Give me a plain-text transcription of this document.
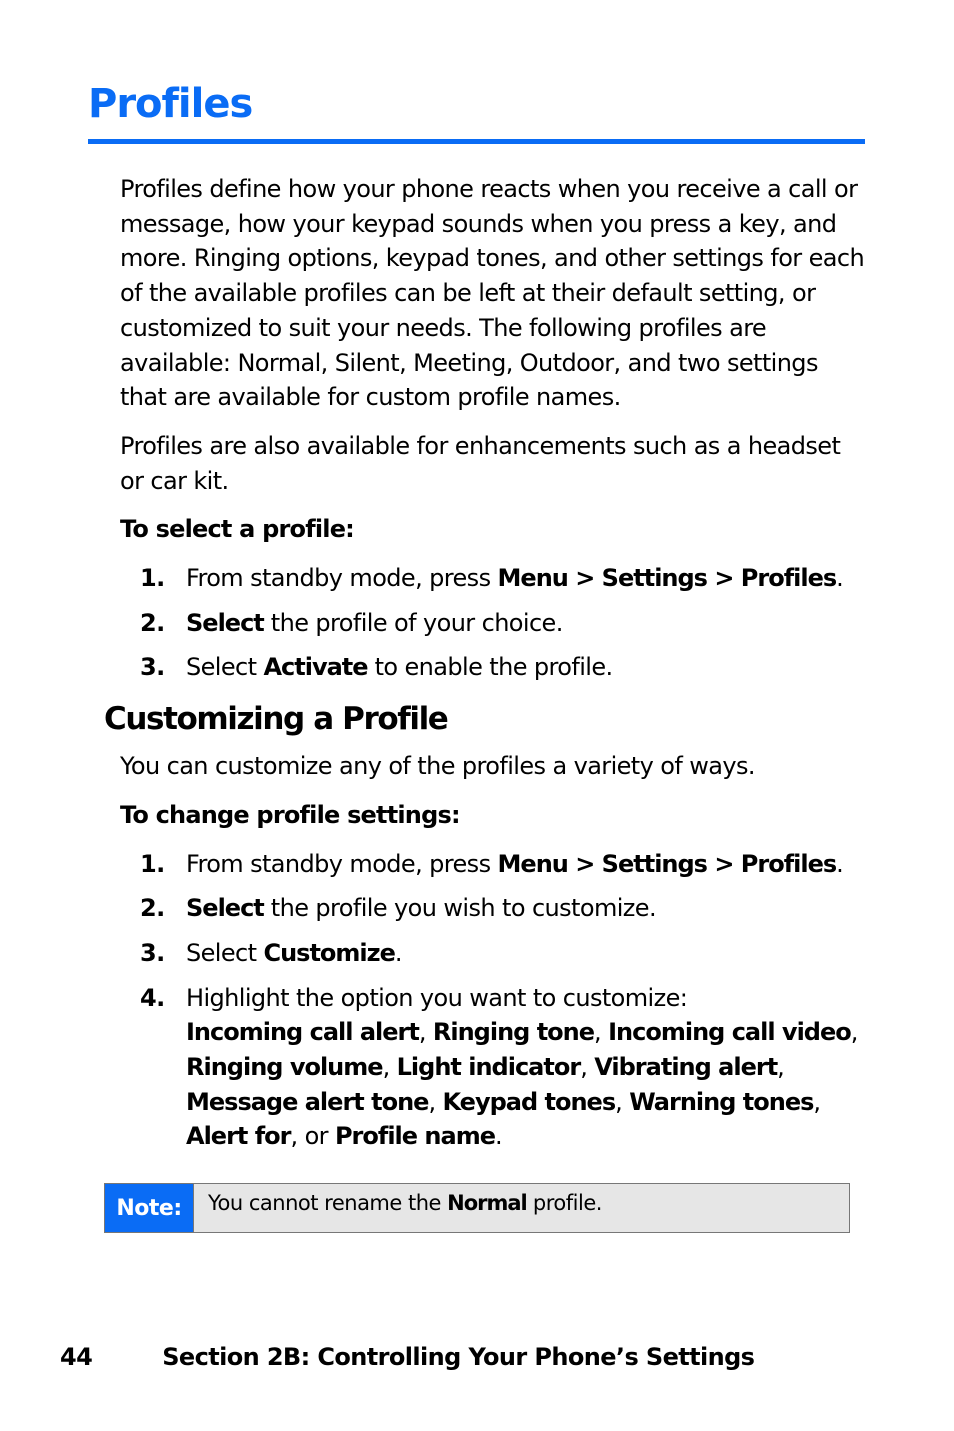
Profiles

Profiles define how your phone reacts when you receive a call or message, how your keypad sounds when you press a key, and more. Ringing options, keypad tones, and other settings for each of the available profiles can be left at their default setting, or customized to suit your needs. The following profiles are available: Normal, Silent, Meeting, Outdoor, and two settings that are available for custom profile names.

Profiles are also available for enhancements such as a headset or car kit.

To select a profile:

1. From standby mode, press Menu > Settings > Profiles.
2. Select the profile of your choice.
3. Select Activate to enable the profile.
Customizing a Profile

You can customize any of the profiles a variety of ways.

To change profile settings:

1. From standby mode, press Menu > Settings > Profiles.
2. Select the profile you wish to customize.
3. Select Customize.
4. Highlight the option you want to customize:
Incoming call alert, Ringing tone, Incoming call video, Ringing volume, Light indicator, Vibrating alert, Message alert tone, Keypad tones, Warning tones, Alert for, or Profile name.
Note:	You cannot rename the Normal profile.
44	Section 2B: Controlling Your Phone’s Settings
